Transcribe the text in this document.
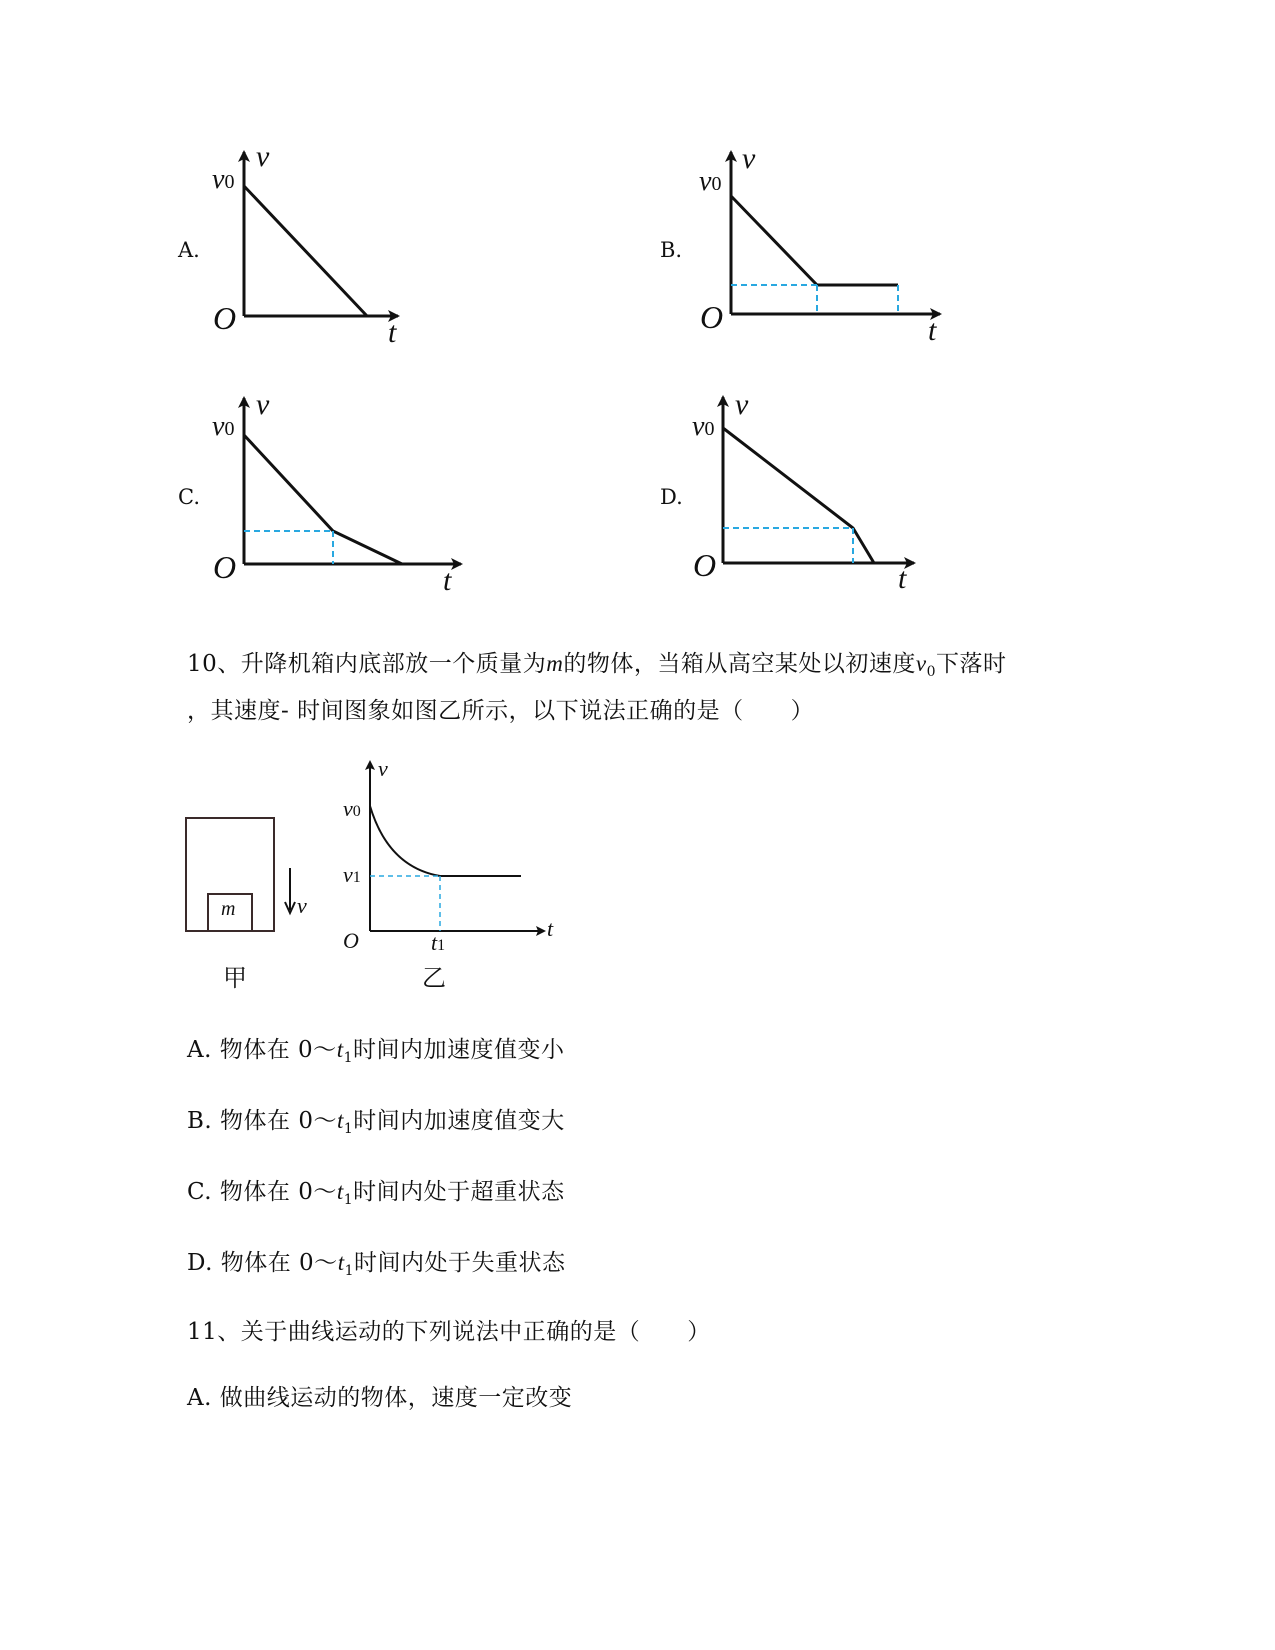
A.
v
v0
O	t
B.
v
v0
O	t
C.
v
v0
O	t
D.
v
v0
O	t
10、升降机箱内底部放一个质量为m的物体，当箱从高空某处以初速度$v_0$下落时
，其速度- 时间图象如图乙所示，以下说法正确的是（　　）
m	v
甲
v
v0
v1
O	t1
t
乙
A. 物体在 $0\sim t_1$时间内加速度值变小
B. 物体在 $0\sim t_1$时间内加速度值变大
C. 物体在 $0\sim t_1$时间内处于超重状态
D. 物体在 $0\sim t_1$时间内处于失重状态
11、关于曲线运动的下列说法中正确的是（　　）
A. 做曲线运动的物体，速度一定改变
